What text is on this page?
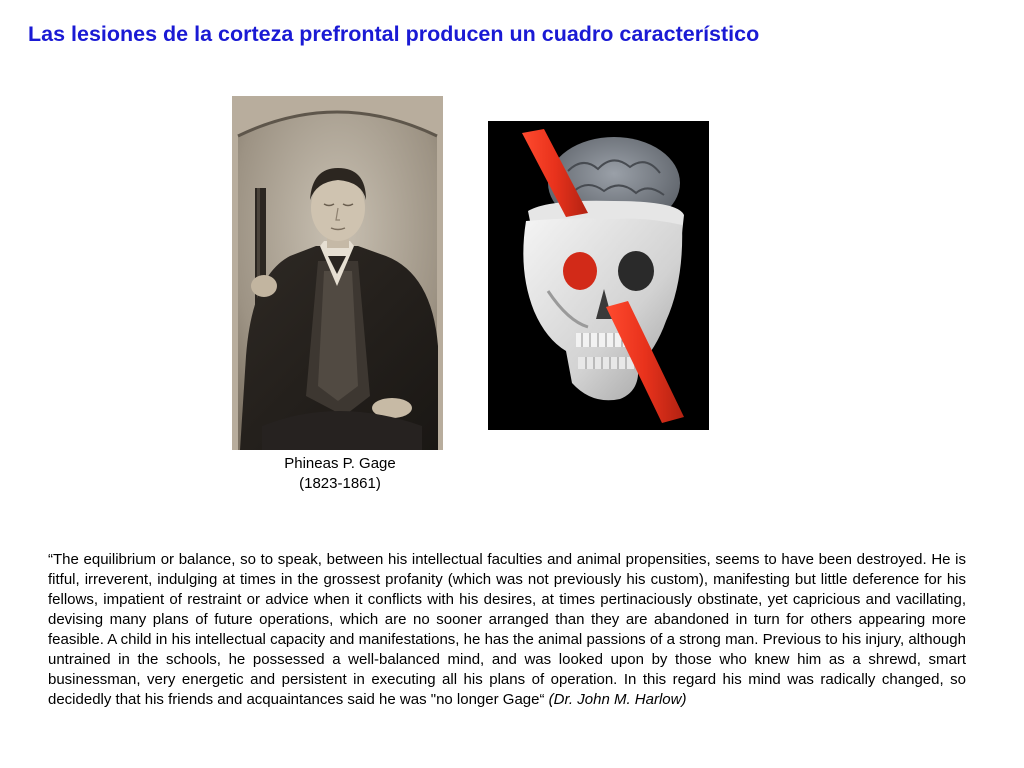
Las lesiones de la corteza prefrontal producen un cuadro característico
Phineas P. Gage
(1823-1861)

“The equilibrium or balance, so to speak, between his intellectual faculties and animal propensities, seems to have been destroyed. He is fitful, irreverent, indulging at times in the grossest profanity (which was not previously his custom), manifesting but little deference for his fellows, impatient of restraint or advice when it conflicts with his desires, at times pertinaciously obstinate, yet capricious and vacillating, devising many plans of future operations, which are no sooner arranged than they are abandoned in turn for others appearing more feasible. A child in his intellectual capacity and manifestations, he has the animal passions of a strong man. Previous to his injury, although untrained in the schools, he possessed a well-balanced mind, and was looked upon by those who knew him as a shrewd, smart businessman, very energetic and persistent in executing all his plans of operation. In this regard his mind was radically changed, so decidedly that his friends and acquaintances said he was "no longer Gage“ (Dr. John M. Harlow)
